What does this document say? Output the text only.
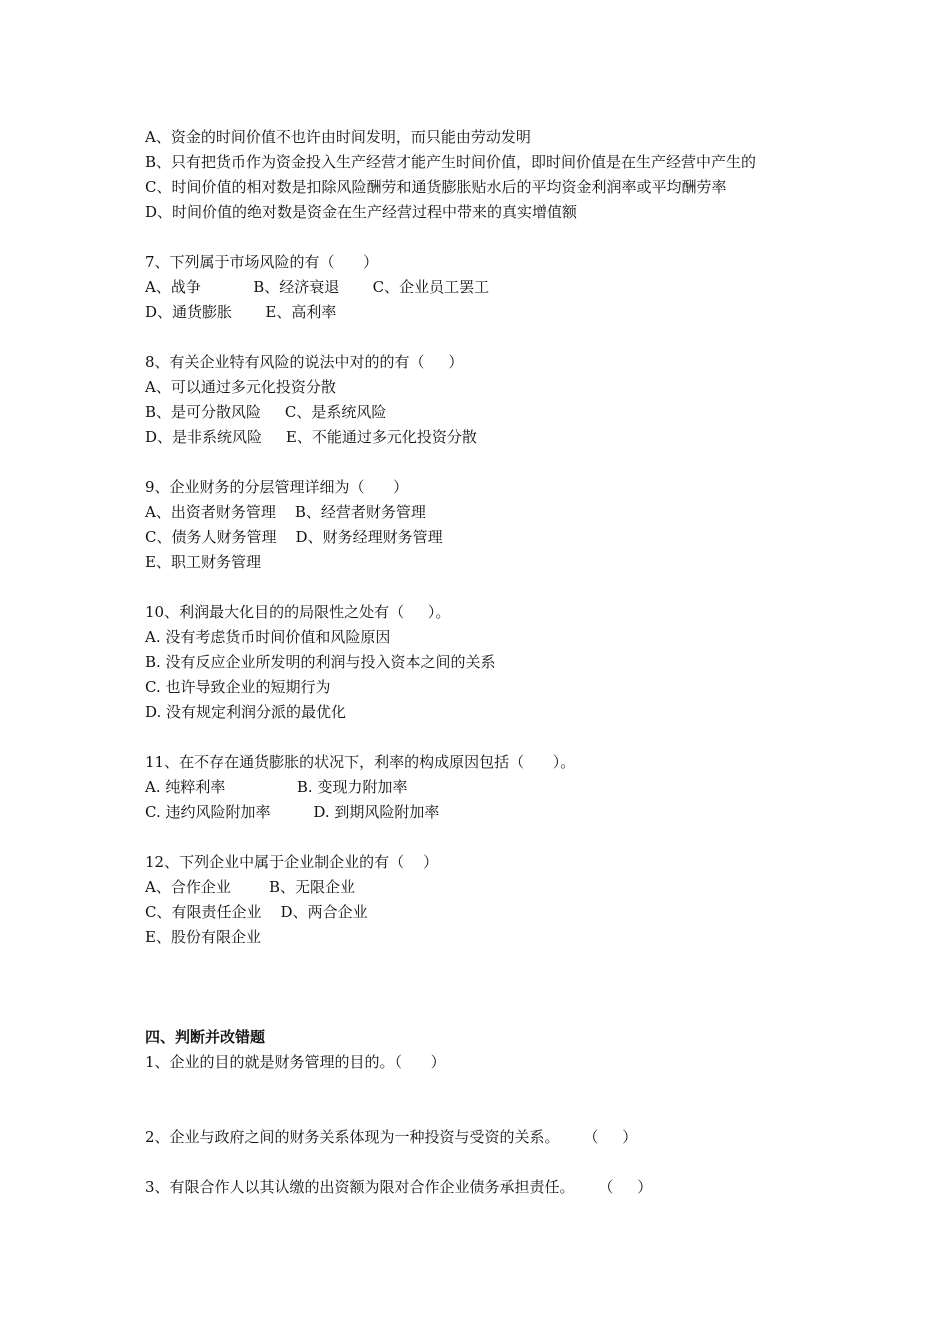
A、资金的时间价值不也许由时间发明，而只能由劳动发明
B、只有把货币作为资金投入生产经营才能产生时间价值，即时间价值是在生产经营中产生的
C、时间价值的相对数是扣除风险酬劳和通货膨胀贴水后的平均资金利润率或平均酬劳率
D、时间价值的绝对数是资金在生产经营过程中带来的真实增值额
7、下列属于市场风险的有（      ）
A、战争           B、经济衰退       C、企业员工罢工
D、通货膨胀       E、高利率
8、有关企业特有风险的说法中对的的有（     ）
A、可以通过多元化投资分散
B、是可分散风险     C、是系统风险
D、是非系统风险     E、不能通过多元化投资分散
9、企业财务的分层管理详细为（      ）
A、出资者财务管理    B、经营者财务管理
C、债务人财务管理    D、财务经理财务管理
E、职工财务管理
10、利润最大化目的的局限性之处有（     ）。
A. 没有考虑货币时间价值和风险原因
B. 没有反应企业所发明的利润与投入资本之间的关系
C. 也许导致企业的短期行为
D. 没有规定利润分派的最优化
11、在不存在通货膨胀的状况下，利率的构成原因包括（      ）。
A. 纯粹利率               B. 变现力附加率
C. 违约风险附加率         D. 到期风险附加率
12、下列企业中属于企业制企业的有（    ）
A、合作企业        B、无限企业
C、有限责任企业    D、两合企业
E、股份有限企业
四、判断并改错题
1、企业的目的就是财务管理的目的。（      ）
2、企业与政府之间的财务关系体现为一种投资与受资的关系。     （     ）
3、有限合作人以其认缴的出资额为限对合作企业债务承担责任。     （     ）
